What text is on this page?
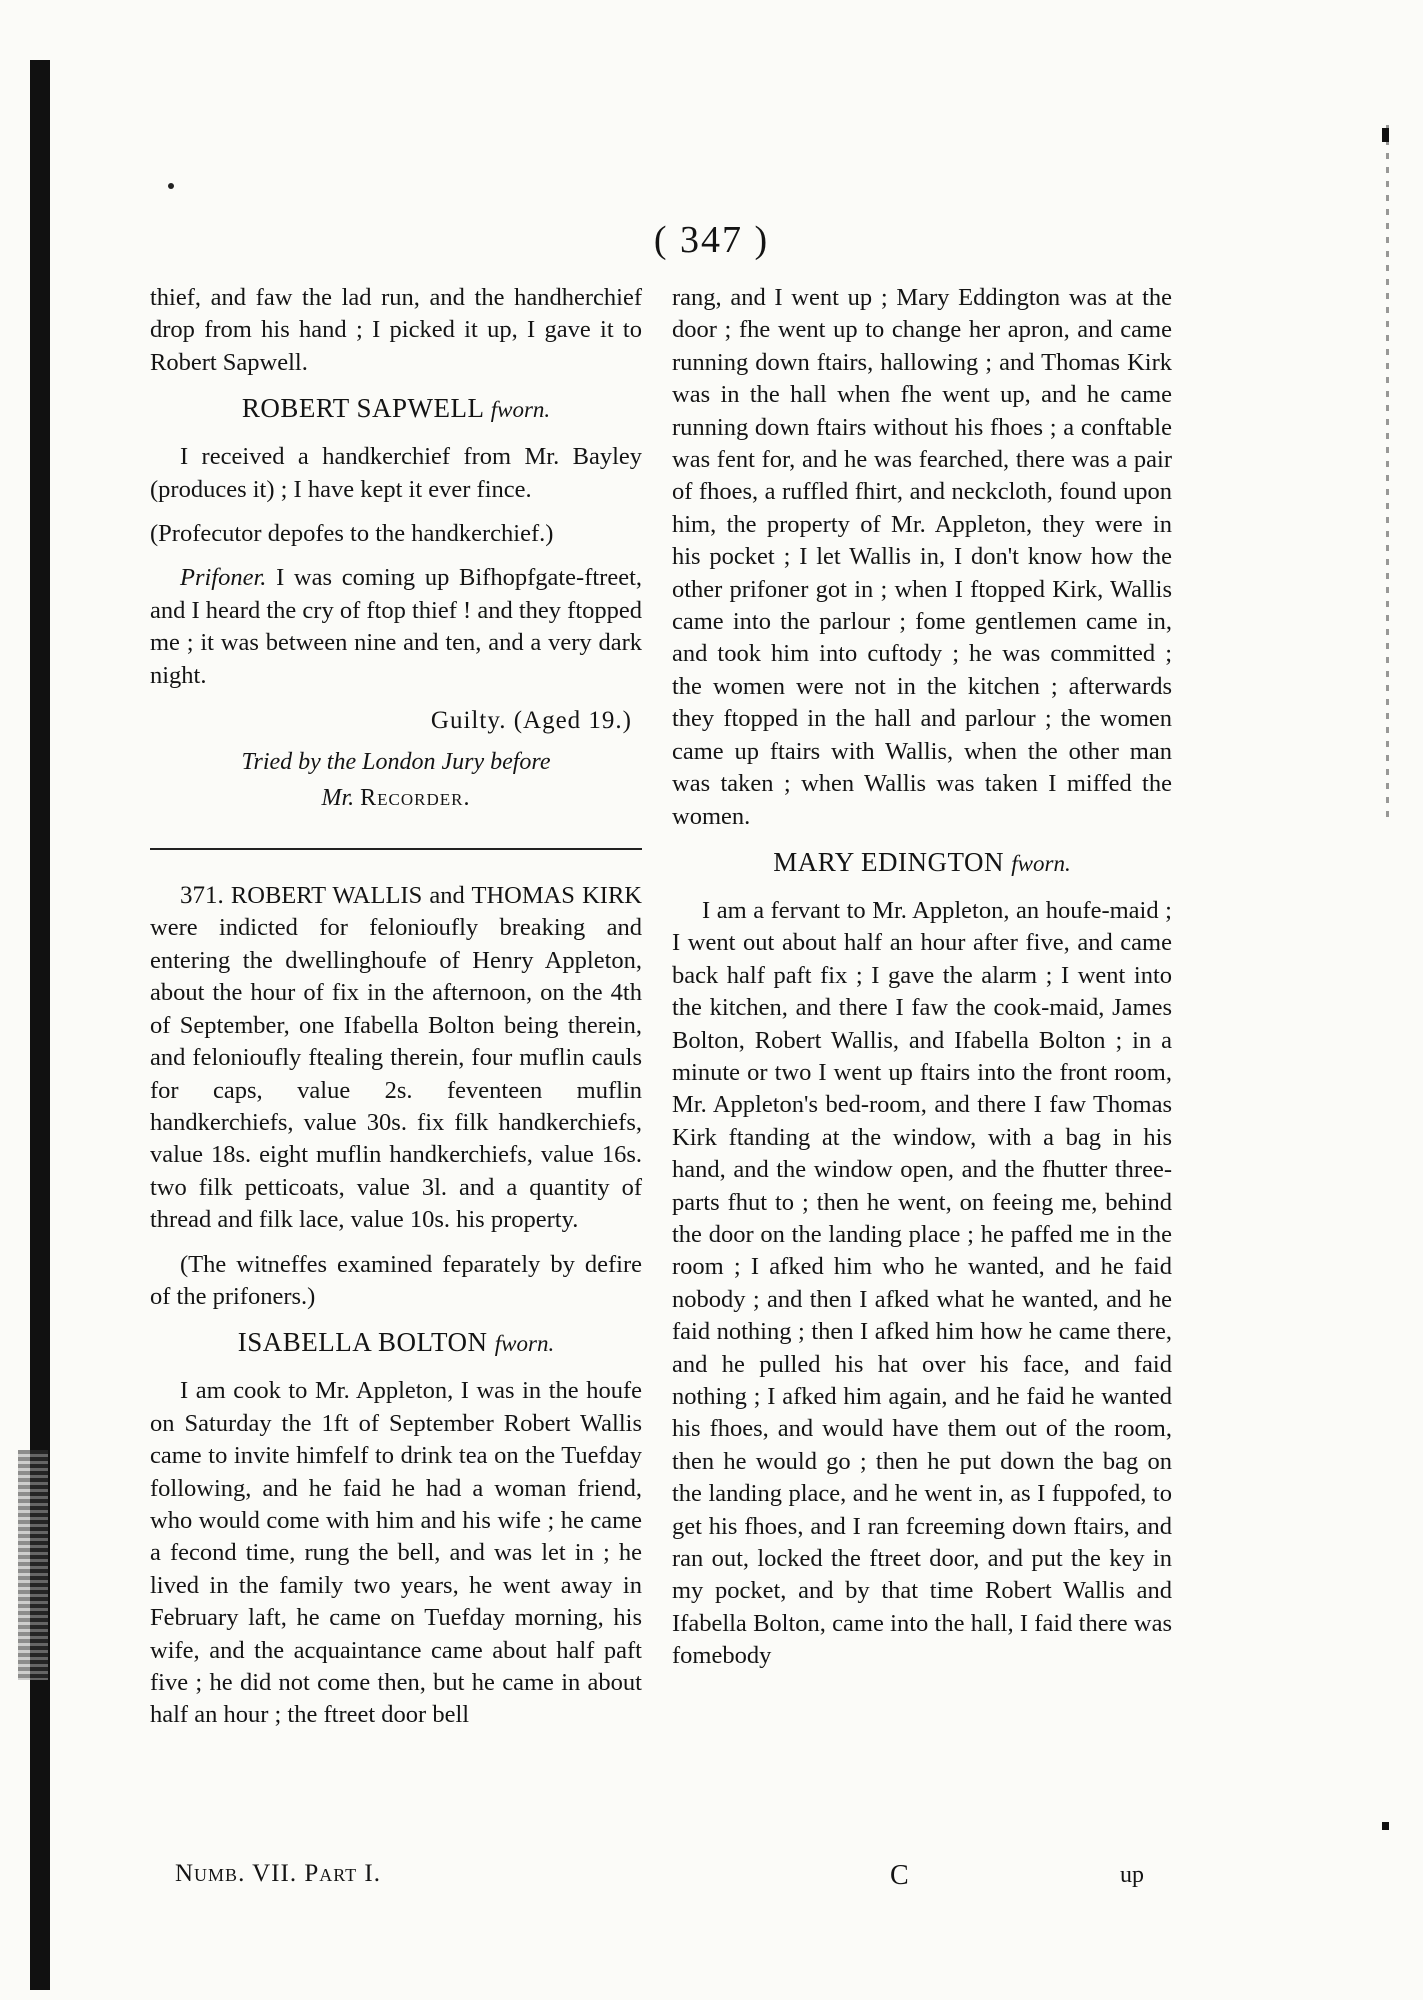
( 347 )

thief, and faw the lad run, and the handherchief drop from his hand ; I picked it up, I gave it to Robert Sapwell.

ROBERT SAPWELL fworn.

I received a handkerchief from Mr. Bayley (produces it) ; I have kept it ever fince.

(Profecutor depofes to the handkerchief.)

Prifoner. I was coming up Bifhopfgate-ftreet, and I heard the cry of ftop thief ! and they ftopped me ; it was between nine and ten, and a very dark night.

Guilty. (Aged 19.)
Tried by the London Jury before
Mr. Recorder.

371. ROBERT WALLIS and THOMAS KIRK were indicted for felonioufly breaking and entering the dwellinghoufe of Henry Appleton, about the hour of fix in the afternoon, on the 4th of September, one Ifabella Bolton being therein, and felonioufly ftealing therein, four muflin cauls for caps, value 2s. feventeen muflin handkerchiefs, value 30s. fix filk handkerchiefs, value 18s. eight muflin handkerchiefs, value 16s. two filk petticoats, value 3l. and a quantity of thread and filk lace, value 10s. his property.

(The witneffes examined feparately by defire of the prifoners.)

ISABELLA BOLTON fworn.

I am cook to Mr. Appleton, I was in the houfe on Saturday the 1ft of September Robert Wallis came to invite himfelf to drink tea on the Tuefday following, and he faid he had a woman friend, who would come with him and his wife ; he came a fecond time, rung the bell, and was let in ; he lived in the family two years, he went away in February laft, he came on Tuefday morning, his wife, and the acquaintance came about half paft five ; he did not come then, but he came in about half an hour ; the ftreet door bell

rang, and I went up ; Mary Eddington was at the door ; fhe went up to change her apron, and came running down ftairs, hallowing ; and Thomas Kirk was in the hall when fhe went up, and he came running down ftairs without his fhoes ; a conftable was fent for, and he was fearched, there was a pair of fhoes, a ruffled fhirt, and neckcloth, found upon him, the property of Mr. Appleton, they were in his pocket ; I let Wallis in, I don't know how the other prifoner got in ; when I ftopped Kirk, Wallis came into the parlour ; fome gentlemen came in, and took him into cuftody ; he was committed ; the women were not in the kitchen ; afterwards they ftopped in the hall and parlour ; the women came up ftairs with Wallis, when the other man was taken ; when Wallis was taken I miffed the women.

MARY EDINGTON fworn.

I am a fervant to Mr. Appleton, an houfe-maid ; I went out about half an hour after five, and came back half paft fix ; I gave the alarm ; I went into the kitchen, and there I faw the cook-maid, James Bolton, Robert Wallis, and Ifabella Bolton ; in a minute or two I went up ftairs into the front room, Mr. Appleton's bed-room, and there I faw Thomas Kirk ftanding at the window, with a bag in his hand, and the window open, and the fhutter three-parts fhut to ; then he went, on feeing me, behind the door on the landing place ; he paffed me in the room ; I afked him who he wanted, and he faid nobody ; and then I afked what he wanted, and he faid nothing ; then I afked him how he came there, and he pulled his hat over his face, and faid nothing ; I afked him again, and he faid he wanted his fhoes, and would have them out of the room, then he would go ; then he put down the bag on the landing place, and he went in, as I fuppofed, to get his fhoes, and I ran fcreeming down ftairs, and ran out, locked the ftreet door, and put the key in my pocket, and by that time Robert Wallis and Ifabella Bolton, came into the hall, I faid there was fomebody

Numb. VII. Part I.	C	up
